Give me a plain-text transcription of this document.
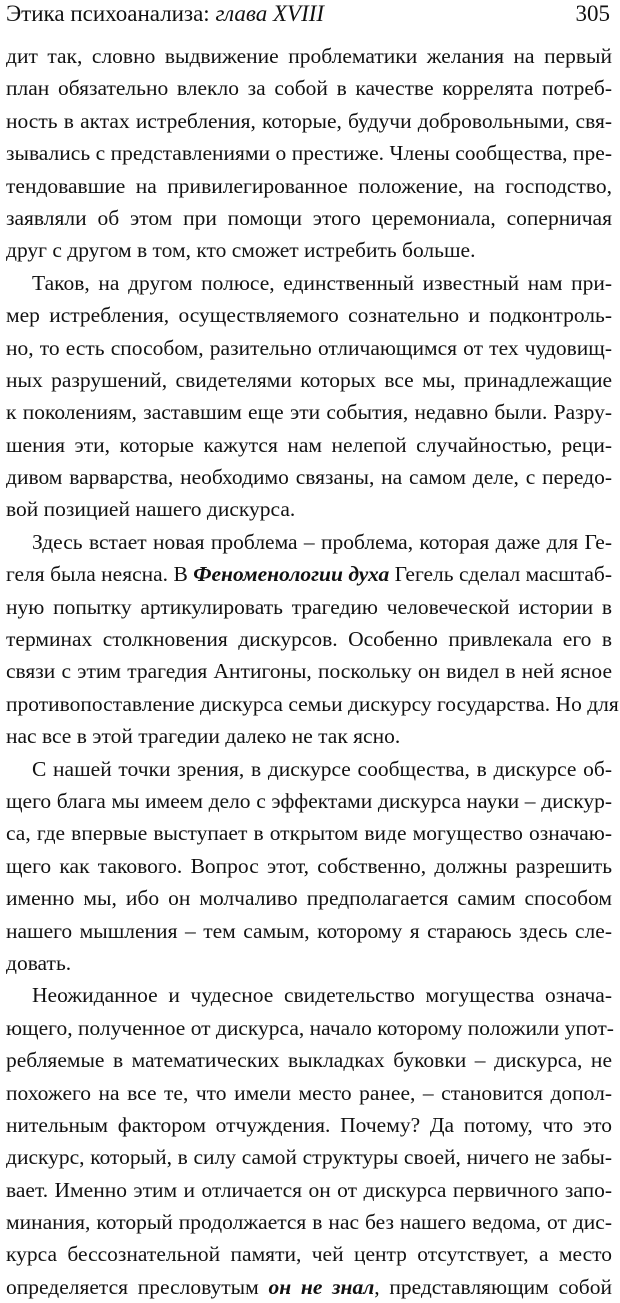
Этика психоанализа: глава XVIII	305
дит так, словно выдвижение проблематики желания на первый
план обязательно влекло за собой в качестве коррелята потреб-
ность в актах истребления, которые, будучи добровольными, свя-
зывались с представлениями о престиже. Члены сообщества, пре-
тендовавшие на привилегированное положение, на господство,
заявляли об этом при помощи этого церемониала, соперничая
друг с другом в том, кто сможет истребить больше.
Таков, на другом полюсе, единственный известный нам при-
мер истребления, осуществляемого сознательно и подконтроль-
но, то есть способом, разительно отличающимся от тех чудовищ-
ных разрушений, свидетелями которых все мы, принадлежащие
к поколениям, заставшим еще эти события, недавно были. Разру-
шения эти, которые кажутся нам нелепой случайностью, реци-
дивом варварства, необходимо связаны, на самом деле, с передо-
вой позицией нашего дискурса.
Здесь встает новая проблема – проблема, которая даже для Ге-
геля была неясна. В Феноменологии духа Гегель сделал масштаб-
ную попытку артикулировать трагедию человеческой истории в
терминах столкновения дискурсов. Особенно привлекала его в
связи с этим трагедия Антигоны, поскольку он видел в ней ясное
противопоставление дискурса семьи дискурсу государства. Но для
нас все в этой трагедии далеко не так ясно.
С нашей точки зрения, в дискурсе сообщества, в дискурсе об-
щего блага мы имеем дело с эффектами дискурса науки – дискур-
са, где впервые выступает в открытом виде могущество означаю-
щего как такового. Вопрос этот, собственно, должны разрешить
именно мы, ибо он молчаливо предполагается самим способом
нашего мышления – тем самым, которому я стараюсь здесь сле-
довать.
Неожиданное и чудесное свидетельство могущества означа-
ющего, полученное от дискурса, начало которому положили упот-
ребляемые в математических выкладках буковки – дискурса, не
похожего на все те, что имели место ранее, – становится допол-
нительным фактором отчуждения. Почему? Да потому, что это
дискурс, который, в силу самой структуры своей, ничего не забы-
вает. Именно этим и отличается он от дискурса первичного запо-
минания, который продолжается в нас без нашего ведома, от дис-
курса бессознательной памяти, чей центр отсутствует, а место
определяется пресловутым он не знал, представляющим собой
